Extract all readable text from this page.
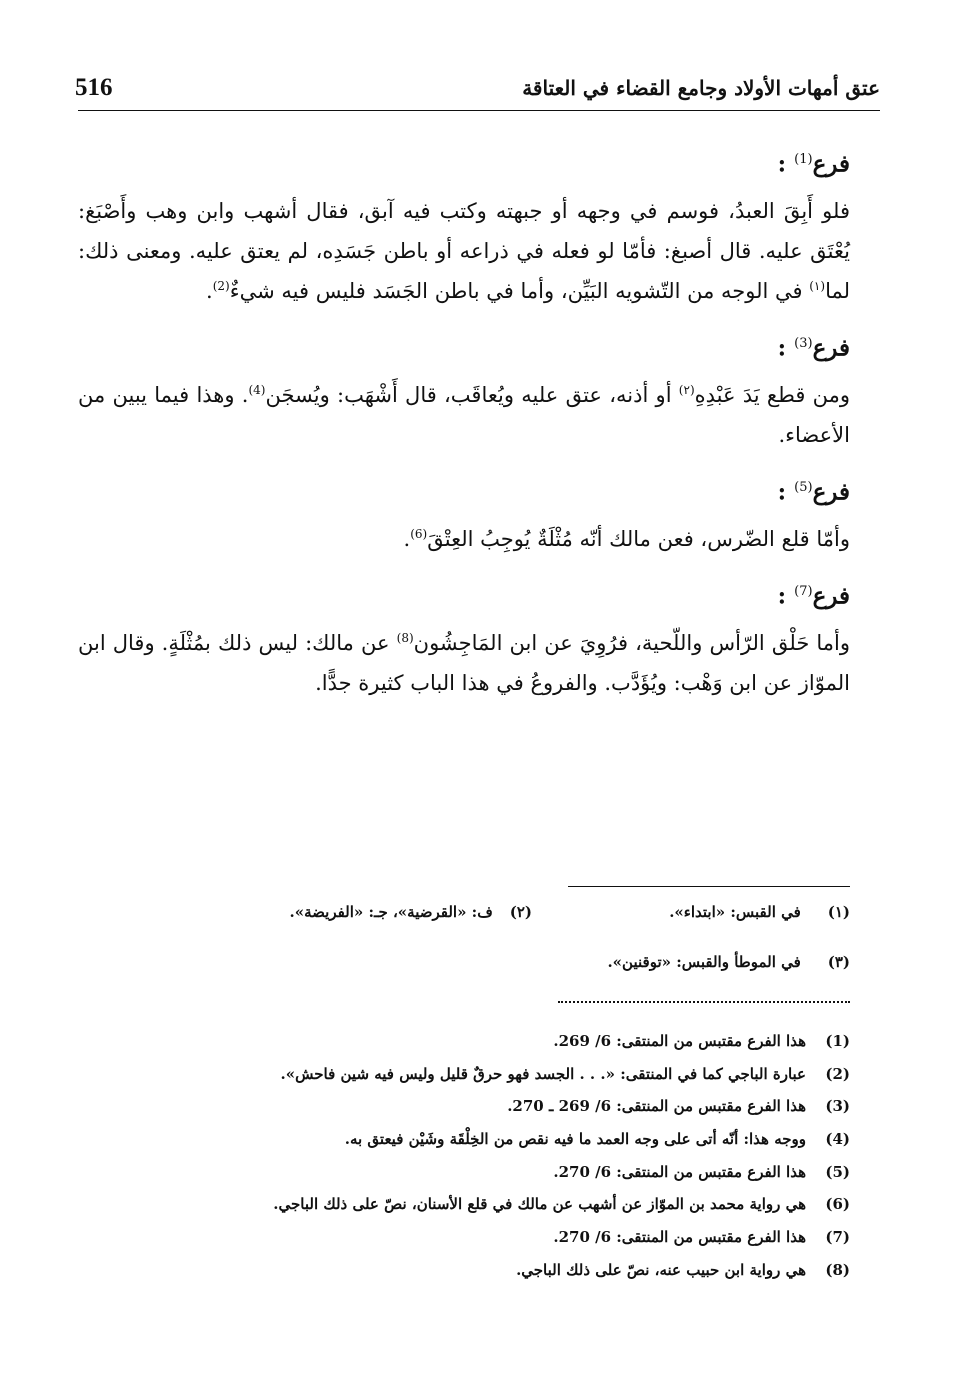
516	عتق أمهات الأولاد وجامع القضاء في العتاقة
فرع$^{(1)}$ :

فلو أَبِقَ العبدُ، فوسم في وجهه أو جبهته وكتب فيه آبق، فقال أشهب وابن وهب وأَصْبَغ: يُعْتَق عليه. قال أصبغ: فأمّا لو فعله في ذراعه أو باطن جَسَدِه، لم يعتق عليه. ومعنى ذلك: لما$^{(١)}$ في الوجه من التّشويه البَيِّن، وأما في باطن الجَسَد فليس فيه شيءٌ$^{(2)}$.

فرع$^{(3)}$ :

ومن قطع يَدَ عَبْدِهِ$^{(٢)}$ أو أذنه، عتق عليه ويُعاقَب، قال أَشْهَب: ويُسجَن$^{(4)}$. وهذا فيما يبين من الأعضاء.

فرع$^{(5)}$ :

وأمّا قلع الضّرس، فعن مالك أنّه مُثْلَةٌ يُوجِبُ العِتْقَ$^{(6)}$.

فرع$^{(7)}$ :

وأما حَلْق الرّأس واللّحية، فرُوِيَ عن ابن المَاجِشُون$^{(8)}$ عن مالك: ليس ذلك بمُثْلَةٍ. وقال ابن الموّاز عن ابن وَهْب: ويُؤَدَّب. والفروعُ في هذا الباب كثيرة جدًّا.

(١) في القبس: «ابتداء».
(٢) ف: «القرضية»، جـ: «الفريضة».
(٣) في الموطأ والقبس: «توقنين».
(1)هذا الفرع مقتبس من المنتقى: 6/ 269.
(2)عبارة الباجي كما في المنتقى: «. . . الجسد فهو حرقٌ قليل وليس فيه شين فاحش».
(3)هذا الفرع مقتبس من المنتقى: 6/ 269 ـ 270.
(4)ووجه هذا: أنّه أتى على وجه العمد ما فيه نقص من الخِلْقَة وشَيْن فيعتق به.
(5)هذا الفرع مقتبس من المنتقى: 6/ 270.
(6)هي رواية محمد بن الموّاز عن أشهب عن مالك في قلع الأسنان، نصّ على ذلك الباجي.
(7)هذا الفرع مقتبس من المنتقى: 6/ 270.
(8)هي رواية ابن حبيب عنه، نصّ على ذلك الباجي.
